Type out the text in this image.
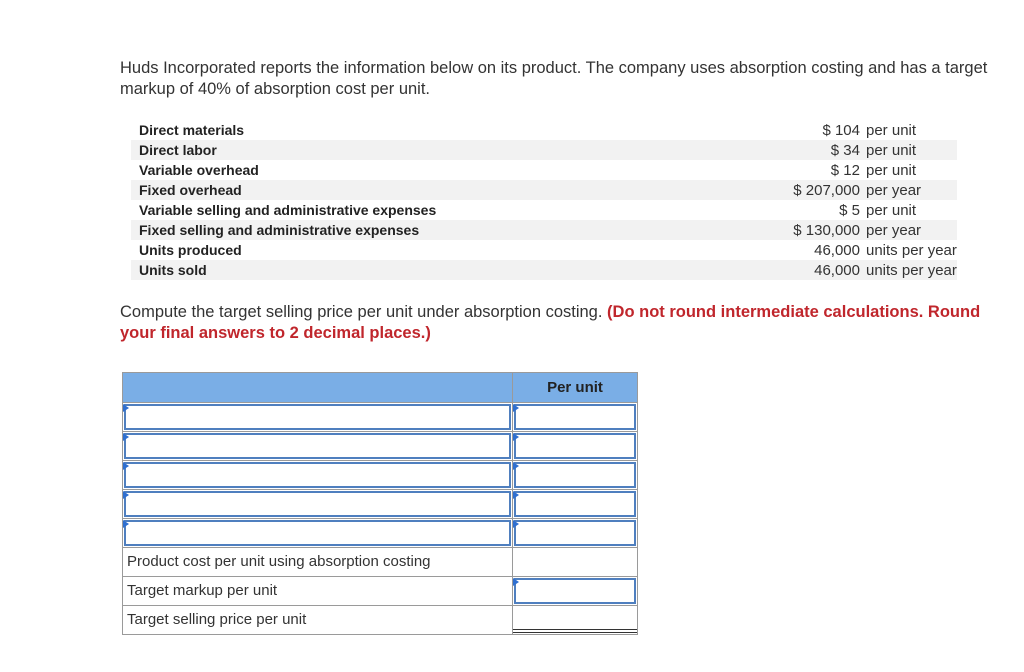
Huds Incorporated reports the information below on its product. The company uses absorption costing and has a target markup of 40% of absorption cost per unit.
Direct materials	$ 104 per unit
Direct labor	$ 34 per unit
Variable overhead	$ 12 per unit
Fixed overhead	$ 207,000 per year
Variable selling and administrative expenses	$ 5 per unit
Fixed selling and administrative expenses	$ 130,000 per year
Units produced	46,000 units per year
Units sold	46,000 units per year
Compute the target selling price per unit under absorption costing. (Do not round intermediate calculations. Round your final answers to 2 decimal places.)
Per unit
Product cost per unit using absorption costing
Target markup per unit
Target selling price per unit
